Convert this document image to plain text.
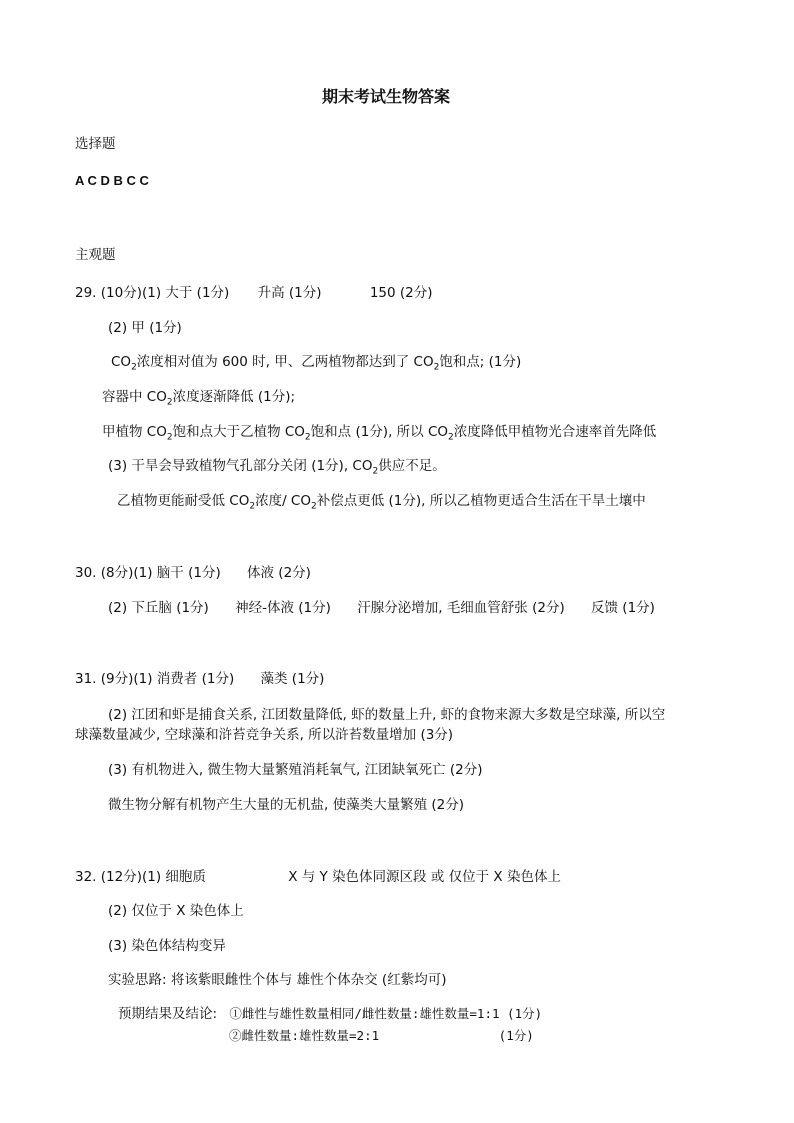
期末考试生物答案
选择题
A C D B C C
主观题
29. (10分)(1) 大于 (1分) 升高 (1分)	150 (2分)
(2) 甲 (1分)
$CO_2$浓度相对值为 600 时, 甲、乙两植物都达到了 $CO_2$饱和点; (1分)
容器中 $CO_2$浓度逐渐降低 (1分);
甲植物 $CO_2$饱和点大于乙植物 $CO_2$饱和点 (1分), 所以 $CO_2$浓度降低甲植物光合速率首先降低
(3) 干旱会导致植物气孔部分关闭 (1分), $CO_2$供应不足。
乙植物更能耐受低 $CO_2$浓度/ $CO_2$补偿点更低 (1分), 所以乙植物更适合生活在干旱土壤中
30. (8分)(1) 脑干 (1分) 体液 (2分)
(2) 下丘脑 (1分) 神经-体液 (1分) 汗腺分泌增加, 毛细血管舒张 (2分) 反馈 (1分)
31. (9分)(1) 消费者 (1分) 藻类 (1分)
(2) 江团和虾是捕食关系, 江团数量降低, 虾的数量上升, 虾的食物来源大多数是空球藻, 所以空
球藻数量减少, 空球藻和浒苔竞争关系, 所以浒苔数量增加 (3分)
(3) 有机物进入, 微生物大量繁殖消耗氧气, 江团缺氧死亡 (2分)
微生物分解有机物产生大量的无机盐, 使藻类大量繁殖 (2分)
32. (12分)(1) 细胞质	X 与 Y 染色体同源区段 或 仅位于 X 染色体上
(2) 仅位于 X 染色体上
(3) 染色体结构变异
实验思路: 将该紫眼雌性个体与 雄性个体杂交 (红紫均可)
预期结果及结论: ①雌性与雄性数量相同/雌性数量:雄性数量=1:1 (1分)
②雌性数量:雄性数量=2:1	(1分)
